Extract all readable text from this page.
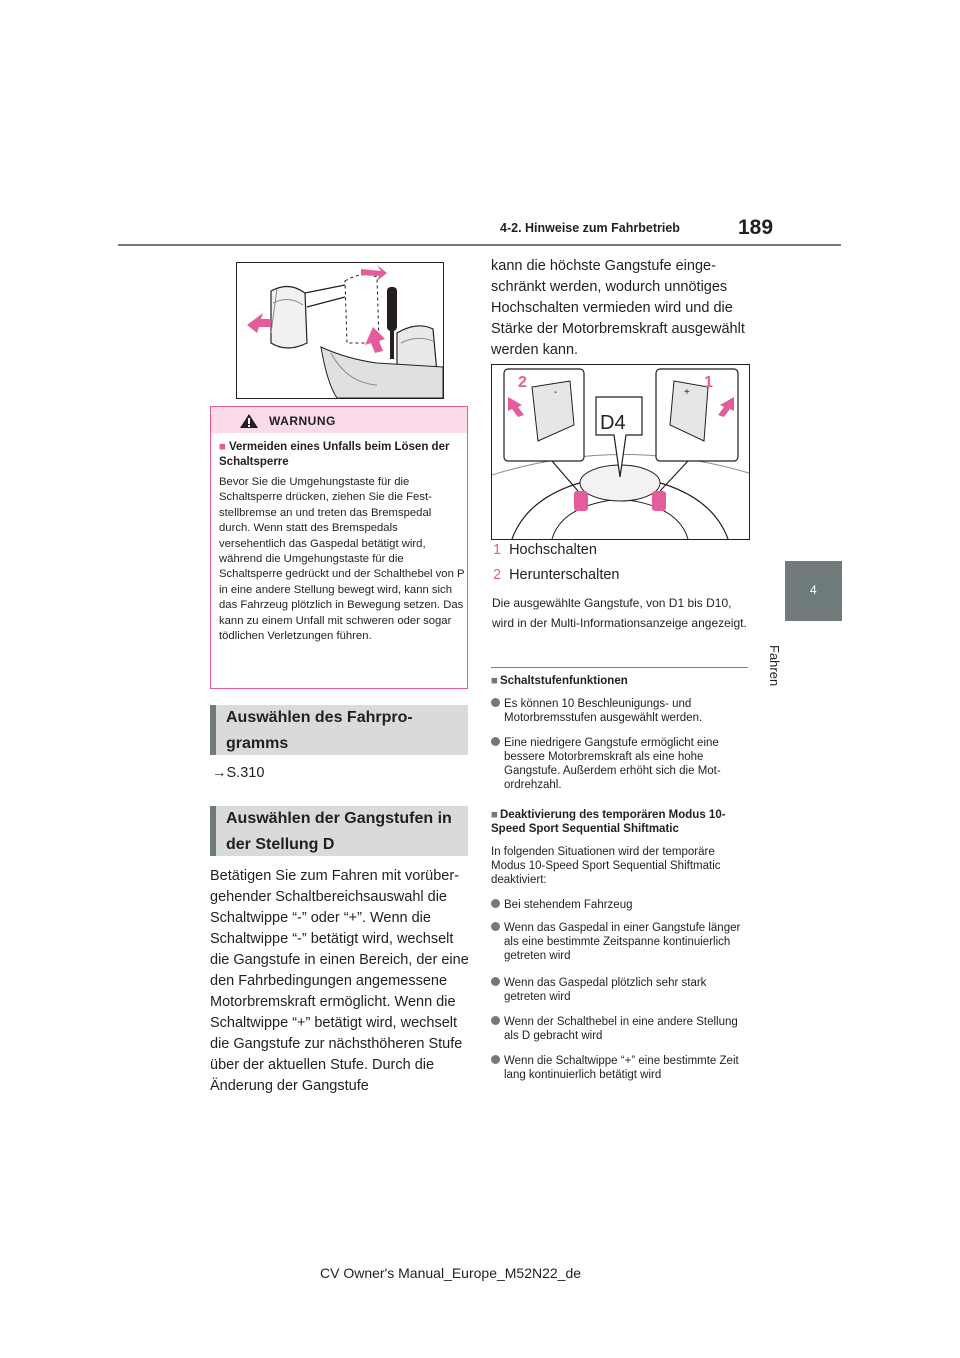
4-2. Hinweise zum Fahrbetrieb	189
4
Fahren
WARNUNG
■ Vermeiden eines Unfalls beim Lösen der Schaltsperre
Bevor Sie die Umgehungstaste für die Schaltsperre drücken, ziehen Sie die Feststellbremse an und treten das Bremspedal durch. Wenn statt des Bremspedals versehentlich das Gaspedal betätigt wird, während die Umgehungstaste für die Schaltsperre gedrückt und der Schalthebel von P in eine andere Stellung bewegt wird, kann sich das Fahrzeug plötzlich in Bewegung setzen. Das kann zu einem Unfall mit schweren oder sogar tödlichen Verletzungen führen.
Auswählen des Fahrprogramms
→S.310
Auswählen der Gangstufen in der Stellung D
Betätigen Sie zum Fahren mit vorübergehender Schaltbereichsauswahl die Schaltwippe “-” oder “+”. Wenn die Schaltwippe “-” betätigt wird, wechselt die Gangstufe in einen Bereich, der eine den Fahrbedingungen angemessene Motorbremskraft ermöglicht. Wenn die Schaltwippe “+” betätigt wird, wechselt die Gangstufe zur nächsthöheren Stufe über der aktuellen Stufe. Durch die Änderung der Gangstufe
kann die höchste Gangstufe eingeschränkt werden, wodurch unnötiges Hochschalten vermieden wird und die Stärke der Motorbremskraft ausgewählt werden kann.
-
2
+
1
D4
1 Hochschalten
2 Herunterschalten
Die ausgewählte Gangstufe, von D1 bis D10, wird in der Multi-Informationsanzeige angezeigt.
■ Schaltstufenfunktionen
Es können 10 Beschleunigungs- und Motorbremsstufen ausgewählt werden.
Eine niedrigere Gangstufe ermöglicht eine bessere Motorbremskraft als eine hohe Gangstufe. Außerdem erhöht sich die Motordrehzahl.
■ Deaktivierung des temporären Modus 10-Speed Sport Sequential Shiftmatic
In folgenden Situationen wird der temporäre Modus 10-Speed Sport Sequential Shiftmatic deaktiviert:
Bei stehendem Fahrzeug
Wenn das Gaspedal in einer Gangstufe länger als eine bestimmte Zeitspanne kontinuierlich getreten wird
Wenn das Gaspedal plötzlich sehr stark getreten wird
Wenn der Schalthebel in eine andere Stellung als D gebracht wird
Wenn die Schaltwippe “+” eine bestimmte Zeit lang kontinuierlich betätigt wird
CV Owner's Manual_Europe_M52N22_de
